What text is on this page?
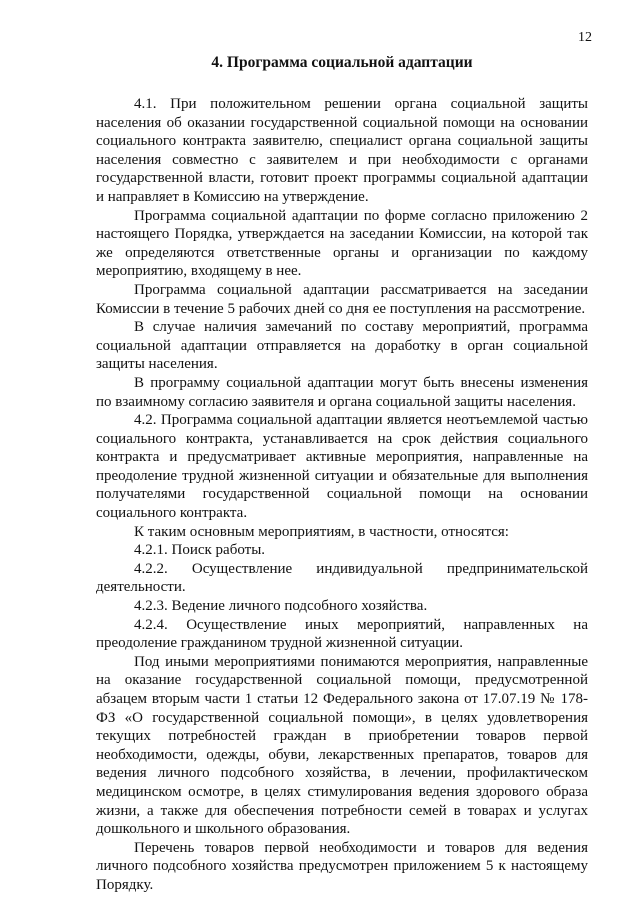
12
4. Программа социальной адаптации

4.1. При положительном решении органа социальной защиты населения об оказании государственной социальной помощи на основании социального контракта заявителю, специалист органа социальной защиты населения совместно с заявителем и при необходимости с органами государственной власти, готовит проект программы социальной адаптации и направляет в Комиссию на утверждение.

Программа социальной адаптации по форме согласно приложению 2 настоящего Порядка, утверждается на заседании Комиссии, на которой так же определяются ответственные органы и организации по каждому мероприятию, входящему в нее.

Программа социальной адаптации рассматривается на заседании Комиссии в течение 5 рабочих дней со дня ее поступления на рассмотрение.

В случае наличия замечаний по составу мероприятий, программа социальной адаптации отправляется на доработку в орган социальной защиты населения.

В программу социальной адаптации могут быть внесены изменения по взаимному согласию заявителя и органа социальной защиты населения.

4.2. Программа социальной адаптации является неотъемлемой частью социального контракта, устанавливается на срок действия социального контракта и предусматривает активные мероприятия, направленные на преодоление трудной жизненной ситуации и обязательные для выполнения получателями государственной социальной помощи на основании социального контракта.

К таким основным мероприятиям, в частности, относятся:

4.2.1. Поиск работы.

4.2.2. Осуществление индивидуальной предпринимательской деятельности.

4.2.3. Ведение личного подсобного хозяйства.

4.2.4. Осуществление иных мероприятий, направленных на преодоление гражданином трудной жизненной ситуации.

Под иными мероприятиями понимаются мероприятия, направленные на оказание государственной социальной помощи, предусмотренной абзацем вторым части 1 статьи 12 Федерального закона от 17.07.19 № 178-ФЗ «О государственной социальной помощи», в целях удовлетворения текущих потребностей граждан в приобретении товаров первой необходимости, одежды, обуви, лекарственных препаратов, товаров для ведения личного подсобного хозяйства, в лечении, профилактическом медицинском осмотре, в целях стимулирования ведения здорового образа жизни, а также для обеспечения потребности семей в товарах и услугах дошкольного и школьного образования.

Перечень товаров первой необходимости и товаров для ведения личного подсобного хозяйства предусмотрен приложением 5 к настоящему Порядку.
